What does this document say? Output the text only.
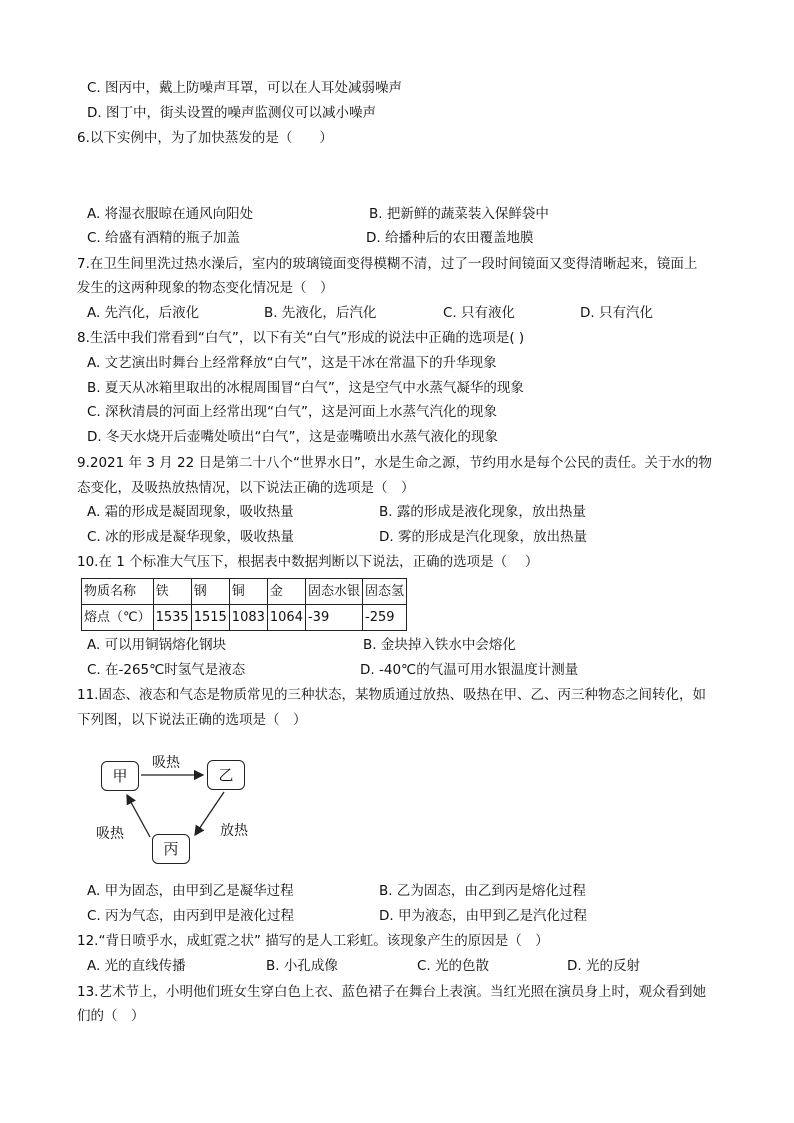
C. 图丙中，戴上防噪声耳罩，可以在人耳处减弱噪声
D. 图丁中，街头设置的噪声监测仪可以减小噪声
6.以下实例中，为了加快蒸发的是（　　）
A. 将湿衣服晾在通风向阳处	B. 把新鲜的蔬菜装入保鲜袋中
C. 给盛有酒精的瓶子加盖	D. 给播种后的农田覆盖地膜
7.在卫生间里洗过热水澡后，室内的玻璃镜面变得模糊不清，过了一段时间镜面又变得清晰起来，镜面上
发生的这两种现象的物态变化情况是（　）
A. 先汽化，后液化	B. 先液化，后汽化	C. 只有液化	D. 只有汽化
8.生活中我们常看到“白气”，以下有关“白气”形成的说法中正确的选项是( )
A. 文艺演出时舞台上经常释放“白气”，这是干冰在常温下的升华现象
B. 夏天从冰箱里取出的冰棍周围冒“白气”，这是空气中水蒸气凝华的现象
C. 深秋清晨的河面上经常出现“白气”，这是河面上水蒸气汽化的现象
D. 冬天水烧开后壶嘴处喷出“白气”，这是壶嘴喷出水蒸气液化的现象
9.2021 年 3 月 22 日是第二十八个“世界水日”，水是生命之源，节约用水是每个公民的责任。关于水的物
态变化，及吸热放热情况，以下说法正确的选项是（　）
A. 霜的形成是凝固现象，吸收热量	B. 露的形成是液化现象，放出热量
C. 冰的形成是凝华现象，吸收热量	D. 雾的形成是汽化现象，放出热量
10.在 1 个标准大气压下，根据表中数据判断以下说法，正确的选项是（　 ）
物质名称	铁	钢	铜	金	固态水银	固态氢
熔点（℃）	1535	1515	1083	1064	-39	-259
A. 可以用铜锅熔化钢块	B. 金块掉入铁水中会熔化
C. 在-265℃时氢气是液态	D. -40℃的气温可用水银温度计测量
11.固态、液态和气态是物质常见的三种状态，某物质通过放热、吸热在甲、乙、丙三种物态之间转化，如
下列图，以下说法正确的选项是（　）
甲	乙
丙
吸热
放热
吸热
A. 甲为固态，由甲到乙是凝华过程	B. 乙为固态，由乙到丙是熔化过程
C. 丙为气态，由丙到甲是液化过程	D. 甲为液态，由甲到乙是汽化过程
12.“背日喷乎水，成虹霓之状” 描写的是人工彩虹。该现象产生的原因是（　）
A. 光的直线传播	B. 小孔成像	C. 光的色散	D. 光的反射
13.艺术节上，小明他们班女生穿白色上衣、蓝色裙子在舞台上表演。当红光照在演员身上时，观众看到她
们的（　）
